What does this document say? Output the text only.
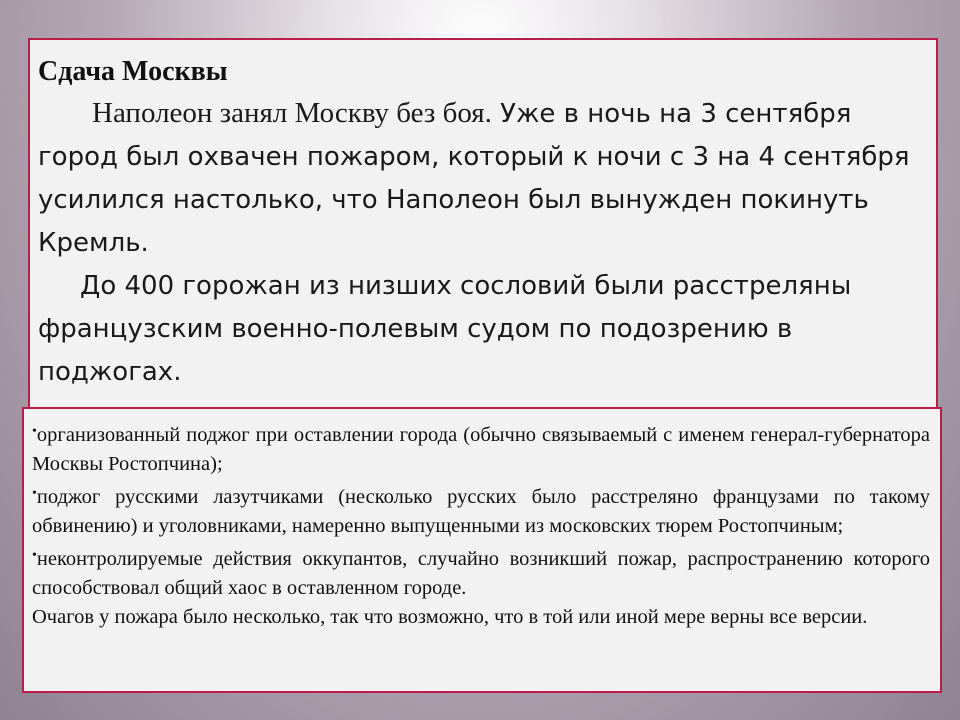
Сдача Москвы

Наполеон занял Москву без боя. Уже в ночь на 3 сентября город был охвачен пожаром, который к ночи с 3 на 4 сентября усилился настолько, что Наполеон был вынужден покинуть Кремль.

До 400 горожан из низших сословий были расстреляны французским военно-полевым судом по подозрению в поджогах.

•организованный поджог при оставлении города (обычно связываемый с именем генерал-губернатора Москвы Ростопчина);

•поджог русскими лазутчиками (несколько русских было расстреляно французами по такому обвинению) и уголовниками, намеренно выпущенными из московских тюрем Ростопчиным;

•неконтролируемые действия оккупантов, случайно возникший пожар, распространению которого способствовал общий хаос в оставленном городе.

Очагов у пожара было несколько, так что возможно, что в той или иной мере верны все версии.
